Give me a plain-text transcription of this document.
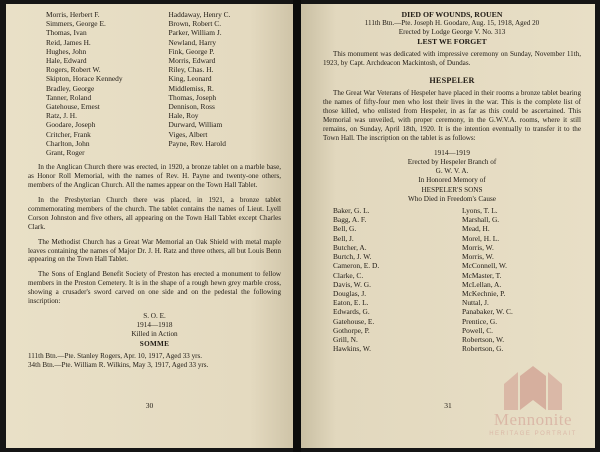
Morris, Herbert F.	Haddaway, Henry C.
Simmers, George E.	Brown, Robert C.
Thomas, Ivan	Parker, William J.
Reid, James H.	Newland, Harry
Hughes, John	Fink, George P.
Hale, Edward	Morris, Edward
Rogers, Robert W.	Riley, Chas. H.
Skipton, Horace Kennedy	King, Leonard
Bradley, George	Middlemiss, R.
Tanner, Roland	Thomas, Joseph
Gatehouse, Ernest	Dennison, Ross
Ratz, J. H.	Hale, Roy
Goodare, Joseph	Durward, William
Critcher, Frank	Viges, Albert
Charlton, John	Payne, Rev. Harold
Grant, Roger

In the Anglican Church there was erected, in 1920, a bronze tablet on a marble base, as Honor Roll Memorial, with the names of Rev. H. Payne and twenty-one others, members of the Anglican Church. All the names appear on the Town Hall Tablet.

In the Presbyterian Church there was placed, in 1921, a bronze tablet commemorating members of the church. The tablet contains the names of Lieut. Lyell Corson Johnston and five others, all appearing on the Town Hall Tablet except Charles Clark.

The Methodist Church has a Great War Memorial an Oak Shield with metal maple leaves containing the names of Major Dr. J. H. Ratz and three others, all but Louis Benn appearing on the Town Hall Tablet.

The Sons of England Benefit Society of Preston has erected a monument to fellow members in the Preston Cemetery. It is in the shape of a rough hewn grey marble cross, showing a crusader's sword carved on one side and on the pedestal the following inscription:

S. O. E.

1914—1918

Killed in Action

SOMME

111th Btn.—Pte. Stanley Rogers, Apr. 10, 1917, Aged 33 yrs.

34th Btn.—Pte. William R. Wilkins, May 3, 1917, Aged 33 yrs.

30

DIED OF WOUNDS, ROUEN

111th Btn.—Pte. Joseph H. Goodare, Aug. 15, 1918, Aged 20

Erected by Lodge George V. No. 313

LEST WE FORGET

This monument was dedicated with impressive ceremony on Sunday, November 11th, 1923, by Capt. Archdeacon Mackintosh, of Dundas.

HESPELER

The Great War Veterans of Hespeler have placed in their rooms a bronze tablet bearing the names of fifty-four men who lost their lives in the war. This is the complete list of those killed, who enlisted from Hespeler, in as far as this could be ascertained. This Memorial was unveiled, with proper ceremony, in the G.W.V.A. rooms, where it still remains, on Sunday, April 18th, 1920. It is the intention eventually to transfer it to the Town Hall. The inscription on the tablet is as follows:

1914—1919

Erected by Hespeler Branch of

G. W. V. A.

In Honored Memory of

HESPELER'S SONS

Who Died in Freedom's Cause

Baker, G. L.	Lyons, T. L.
Bagg, A. F.	Marshall, G.
Bell, G.	Mead, H.
Bell, J.	Morel, H. L.
Butcher, A.	Morris, W.
Burtch, J. W.	Morris, W.
Cameron, E. D.	McConnell, W.
Clarke, C.	McMaster, T.
Davis, W. G.	McLellan, A.
Douglas, J.	McKechnie, P.
Eaton, E. L.	Nuttal, J.
Edwards, G.	Panabaker, W. C.
Gatehouse, E.	Prentice, G.
Gothorpe, P.	Powell, C.
Grill, N.	Robertson, W.
Hawkins, W.	Robertson, G.
31
Mennonite
HERITAGE PORTRAIT
